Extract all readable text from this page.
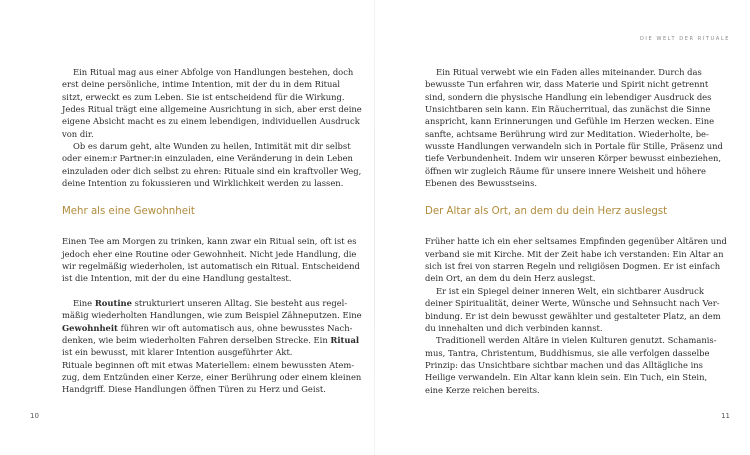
Ein Ritual mag aus einer Abfolge von Handlungen bestehen, doch

erst deine persönliche, intime Intention, mit der du in dem Ritual

sitzt, erweckt es zum Leben. Sie ist entscheidend für die Wirkung.

Jedes Ritual trägt eine allgemeine Ausrichtung in sich, aber erst deine

eigene Absicht macht es zu einem lebendigen, individuellen Ausdruck

von dir.

Ob es darum geht, alte Wunden zu heilen, Intimität mit dir selbst

oder einem:r Partner:in einzuladen, eine Veränderung in dein Leben

einzuladen oder dich selbst zu ehren: Rituale sind ein kraftvoller Weg,

deine Intention zu fokussieren und Wirklichkeit werden zu lassen.

Mehr als eine Gewohnheit

Einen Tee am Morgen zu trinken, kann zwar ein Ritual sein, oft ist es

jedoch eher eine Routine oder Gewohnheit. Nicht jede Handlung, die

wir regelmäßig wiederholen, ist automatisch ein Ritual. Entscheidend

ist die Intention, mit der du eine Handlung gestaltest.

Eine Routine strukturiert unseren Alltag. Sie besteht aus regel-

mäßig wiederholten Handlungen, wie zum Beispiel Zähneputzen. Eine

Gewohnheit führen wir oft automatisch aus, ohne bewusstes Nach-

denken, wie beim wiederholten Fahren derselben Strecke. Ein Ritual

ist ein bewusst, mit klarer Intention ausgeführter Akt.

Rituale beginnen oft mit etwas Materiellem: einem bewussten Atem-

zug, dem Entzünden einer Kerze, einer Berührung oder einem kleinen

Handgriff. Diese Handlungen öffnen Türen zu Herz und Geist.

10
DIE WELT DER RITUALE

Ein Ritual verwebt wie ein Faden alles miteinander. Durch das

bewusste Tun erfahren wir, dass Materie und Spirit nicht getrennt

sind, sondern die physische Handlung ein lebendiger Ausdruck des

Unsichtbaren sein kann. Ein Räucherritual, das zunächst die Sinne

anspricht, kann Erinnerungen und Gefühle im Herzen wecken. Eine

sanfte, achtsame Berührung wird zur Meditation. Wiederholte, be-

wusste Handlungen verwandeln sich in Portale für Stille, Präsenz und

tiefe Verbundenheit. Indem wir unseren Körper bewusst einbeziehen,

öffnen wir zugleich Räume für unsere innere Weisheit und höhere

Ebenen des Bewusstseins.

Der Altar als Ort, an dem du dein Herz auslegst

Früher hatte ich ein eher seltsames Empfinden gegenüber Altären und

verband sie mit Kirche. Mit der Zeit habe ich verstanden: Ein Altar an

sich ist frei von starren Regeln und religiösen Dogmen. Er ist einfach

dein Ort, an dem du dein Herz auslegst.

Er ist ein Spiegel deiner inneren Welt, ein sichtbarer Ausdruck

deiner Spiritualität, deiner Werte, Wünsche und Sehnsucht nach Ver-

bindung. Er ist dein bewusst gewählter und gestalteter Platz, an dem

du innehalten und dich verbinden kannst.

Traditionell werden Altäre in vielen Kulturen genutzt. Schamanis-

mus, Tantra, Christentum, Buddhismus, sie alle verfolgen dasselbe

Prinzip: das Unsichtbare sichtbar machen und das Alltägliche ins

Heilige verwandeln. Ein Altar kann klein sein. Ein Tuch, ein Stein,

eine Kerze reichen bereits.

11
